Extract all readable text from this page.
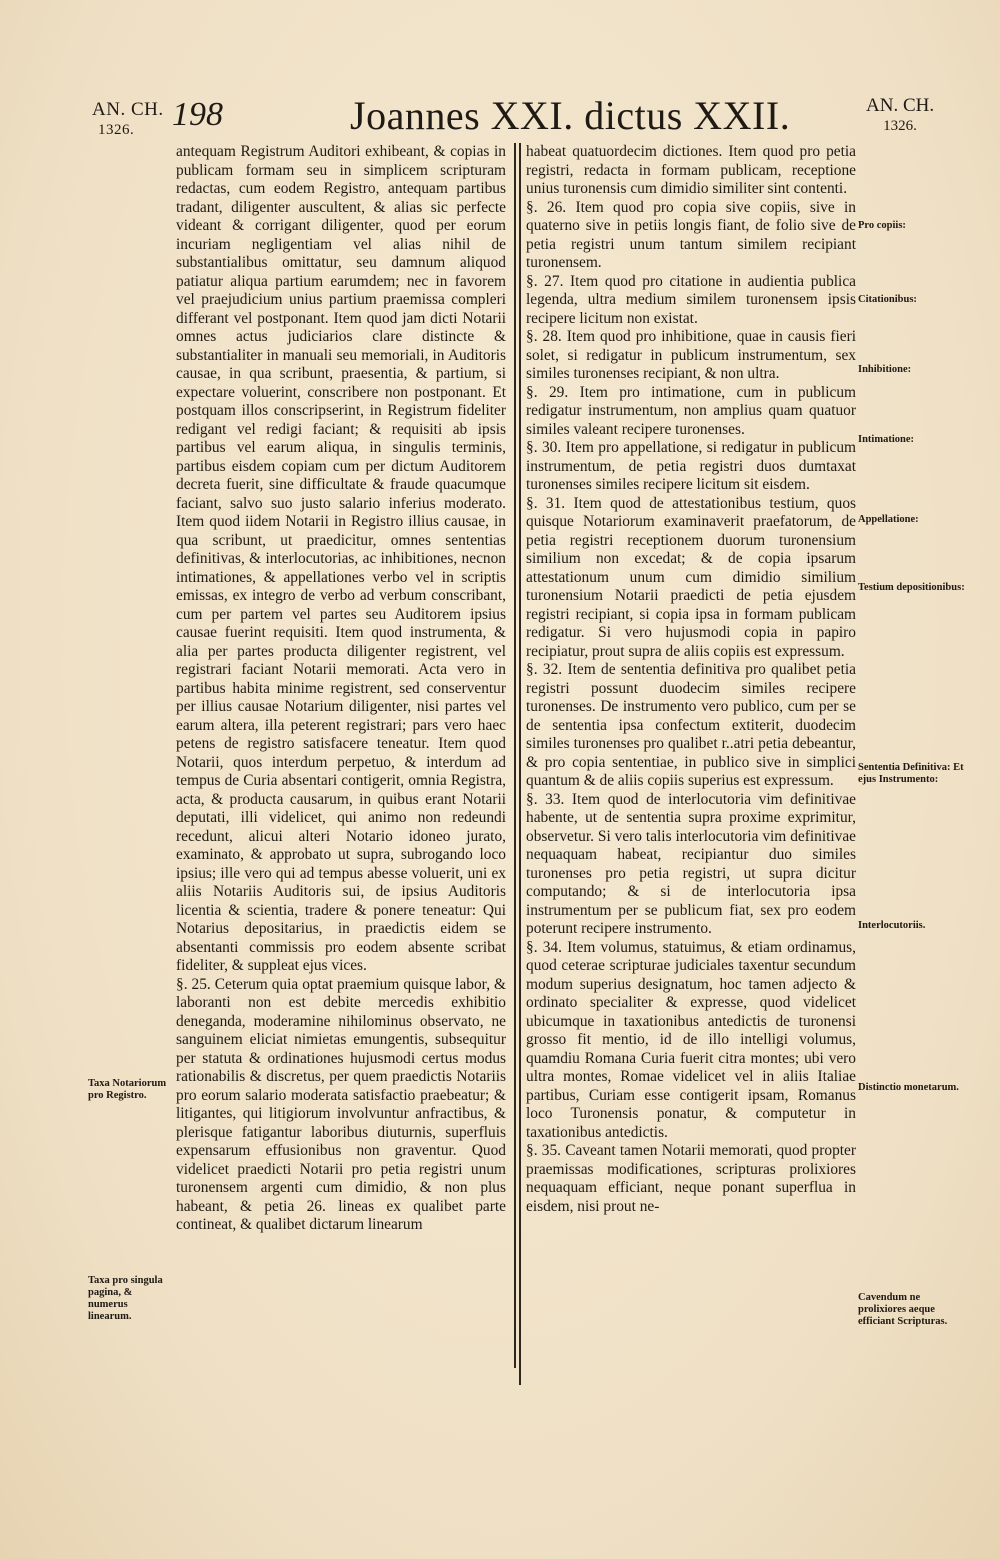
AN. CH.
1326.	198	Joannes XXI. dictus XXII.	AN. CH.
1326.
antequam Registrum Auditori exhibeant, & copias in publicam formam seu in simplicem scripturam redactas, cum eodem Registro, antequam partibus tradant, diligenter auscultent, & alias sic perfecte videant & corrigant diligenter, quod per eorum incuriam negligentiam vel alias nihil de substantialibus omittatur, seu damnum aliquod patiatur aliqua partium earumdem; nec in favorem vel praejudicium unius partium praemissa compleri differant vel postponant. Item quod jam dicti Notarii omnes actus judiciarios clare distincte & substantialiter in manuali seu memoriali, in Auditoris causae, in qua scribunt, praesentia, & partium, si expectare voluerint, conscribere non postponant. Et postquam illos conscripserint, in Registrum fideliter redigant vel redigi faciant; & requisiti ab ipsis partibus vel earum aliqua, in singulis terminis, partibus eisdem copiam cum per dictum Auditorem decreta fuerit, sine difficultate & fraude quacumque faciant, salvo suo justo salario inferius moderato. Item quod iidem Notarii in Registro illius causae, in qua scribunt, ut praedicitur, omnes sententias definitivas, & interlocutorias, ac inhibitiones, necnon intimationes, & appellationes verbo vel in scriptis emissas, ex integro de verbo ad verbum conscribant, cum per partem vel partes seu Auditorem ipsius causae fuerint requisiti. Item quod instrumenta, & alia per partes producta diligenter registrent, vel registrari faciant Notarii memorati. Acta vero in partibus habita minime registrent, sed conserventur per illius causae Notarium diligenter, nisi partes vel earum altera, illa peterent registrari; pars vero haec petens de registro satisfacere teneatur. Item quod Notarii, quos interdum perpetuo, & interdum ad tempus de Curia absentari contigerit, omnia Registra, acta, & producta causarum, in quibus erant Notarii deputati, illi videlicet, qui animo non redeundi recedunt, alicui alteri Notario idoneo jurato, examinato, & approbato ut supra, subrogando loco ipsius; ille vero qui ad tempus abesse voluerit, uni ex aliis Notariis Auditoris sui, de ipsius Auditoris licentia & scientia, tradere & ponere teneatur: Qui Notarius depositarius, in praedictis eidem se absentanti commissis pro eodem absente scribat fideliter, & suppleat ejus vices.
§. 25. Ceterum quia optat praemium quisque labor, & laboranti non est debite mercedis exhibitio deneganda, moderamine nihilominus observato, ne sanguinem eliciat nimietas emungentis, subsequitur per statuta & ordinationes hujusmodi certus modus rationabilis & discretus, per quem praedictis Notariis pro eorum salario moderata satisfactio praebeatur; & litigantes, qui litigiorum involvuntur anfractibus, & plerisque fatigantur laboribus diuturnis, superfluis expensarum effusionibus non graventur. Quod videlicet praedicti Notarii pro petia registri unum turonensem argenti cum dimidio, & non plus habeant, & petia 26. lineas ex qualibet parte contineat, & qualibet dictarum linearum
habeat quatuordecim dictiones. Item quod pro petia registri, redacta in formam publicam, receptione unius turonensis cum dimidio similiter sint contenti.
§. 26. Item quod pro copia sive copiis, sive in quaterno sive in petiis longis fiant, de folio sive de petia registri unum tantum similem recipiant turonensem.
§. 27. Item quod pro citatione in audientia publica legenda, ultra medium similem turonensem ipsis recipere licitum non existat.
§. 28. Item quod pro inhibitione, quae in causis fieri solet, si redigatur in publicum instrumentum, sex similes turonenses recipiant, & non ultra.
§. 29. Item pro intimatione, cum in publicum redigatur instrumentum, non amplius quam quatuor similes valeant recipere turonenses.
§. 30. Item pro appellatione, si redigatur in publicum instrumentum, de petia registri duos dumtaxat turonenses similes recipere licitum sit eisdem.
§. 31. Item quod de attestationibus testium, quos quisque Notariorum examinaverit praefatorum, de petia registri receptionem duorum turonensium similium non excedat; & de copia ipsarum attestationum unum cum dimidio similium turonensium Notarii praedicti de petia ejusdem registri recipiant, si copia ipsa in formam publicam redigatur. Si vero hujusmodi copia in papiro recipiatur, prout supra de aliis copiis est expressum.
§. 32. Item de sententia definitiva pro qualibet petia registri possunt duodecim similes recipere turonenses. De instrumento vero publico, cum per se de sententia ipsa confectum extiterit, duodecim similes turonenses pro qualibet r..atri petia debeantur, & pro copia sententiae, in publico sive in simplici quantum & de aliis copiis superius est expressum.
§. 33. Item quod de interlocutoria vim definitivae habente, ut de sententia supra proxime exprimitur, observetur. Si vero talis interlocutoria vim definitivae nequaquam habeat, recipiantur duo similes turonenses pro petia registri, ut supra dicitur computando; & si de interlocutoria ipsa instrumentum per se publicum fiat, sex pro eodem poterunt recipere instrumento.
§. 34. Item volumus, statuimus, & etiam ordinamus, quod ceterae scripturae judiciales taxentur secundum modum superius designatum, hoc tamen adjecto & ordinato specialiter & expresse, quod videlicet ubicumque in taxationibus antedictis de turonensi grosso fit mentio, id de illo intelligi volumus, quamdiu Romana Curia fuerit citra montes; ubi vero ultra montes, Romae videlicet vel in aliis Italiae partibus, Curiam esse contigerit ipsam, Romanus loco Turonensis ponatur, & computetur in taxationibus antedictis.
§. 35. Caveant tamen Notarii memorati, quod propter praemissas modificationes, scripturas prolixiores nequaquam efficiant, neque ponant superflua in eisdem, nisi prout ne-
Taxa Notariorum pro Registro.
Taxa pro singula pagina, & numerus linearum.
Pro copiis:
Citationibus:
Inhibitione:
Intimatione:
Appellatione:
Testium depositionibus:
Sententia Definitiva: Et ejus Instrumento:
Interlocutoriis.
Distinctio monetarum.
Cavendum ne prolixiores aeque efficiant Scripturas.
